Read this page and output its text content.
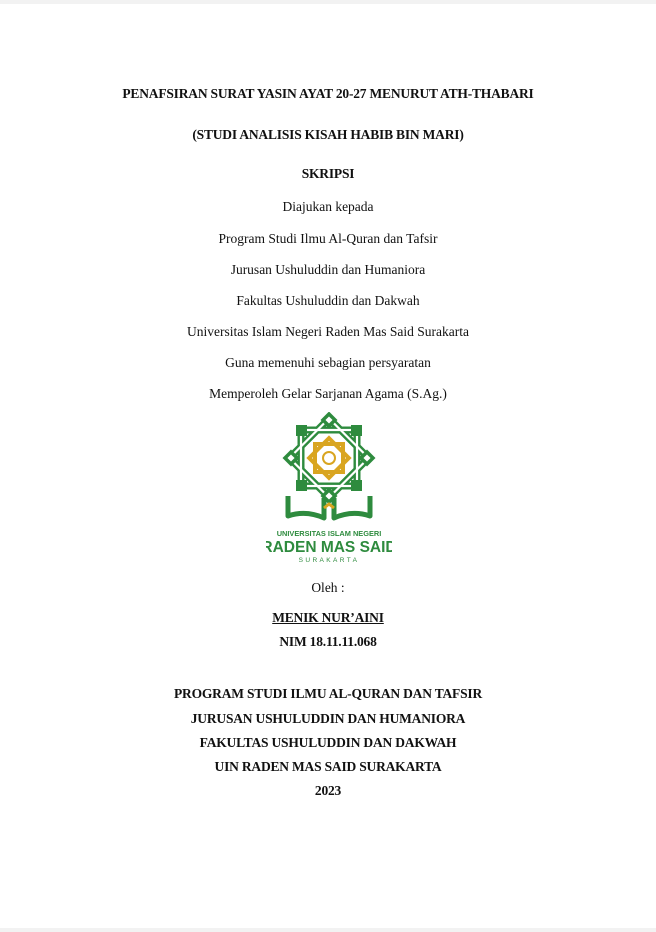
PENAFSIRAN SURAT YASIN AYAT 20-27 MENURUT ATH-THABARI
(STUDI ANALISIS KISAH HABIB BIN MARI)
SKRIPSI
Diajukan kepada
Program Studi Ilmu Al-Quran dan Tafsir
Jurusan Ushuluddin dan Humaniora
Fakultas Ushuluddin dan Dakwah
Universitas Islam Negeri Raden Mas Said Surakarta
Guna memenuhi sebagian persyaratan
Memperoleh Gelar Sarjanan Agama (S.Ag.)
UNIVERSITAS ISLAM NEGERI
RADEN MAS SAID
SURAKARTA
Oleh :
MENIK NUR’AINI
NIM 18.11.11.068
PROGRAM STUDI ILMU AL-QURAN DAN TAFSIR
JURUSAN USHULUDDIN DAN HUMANIORA
FAKULTAS USHULUDDIN DAN DAKWAH
UIN RADEN MAS SAID SURAKARTA
2023
